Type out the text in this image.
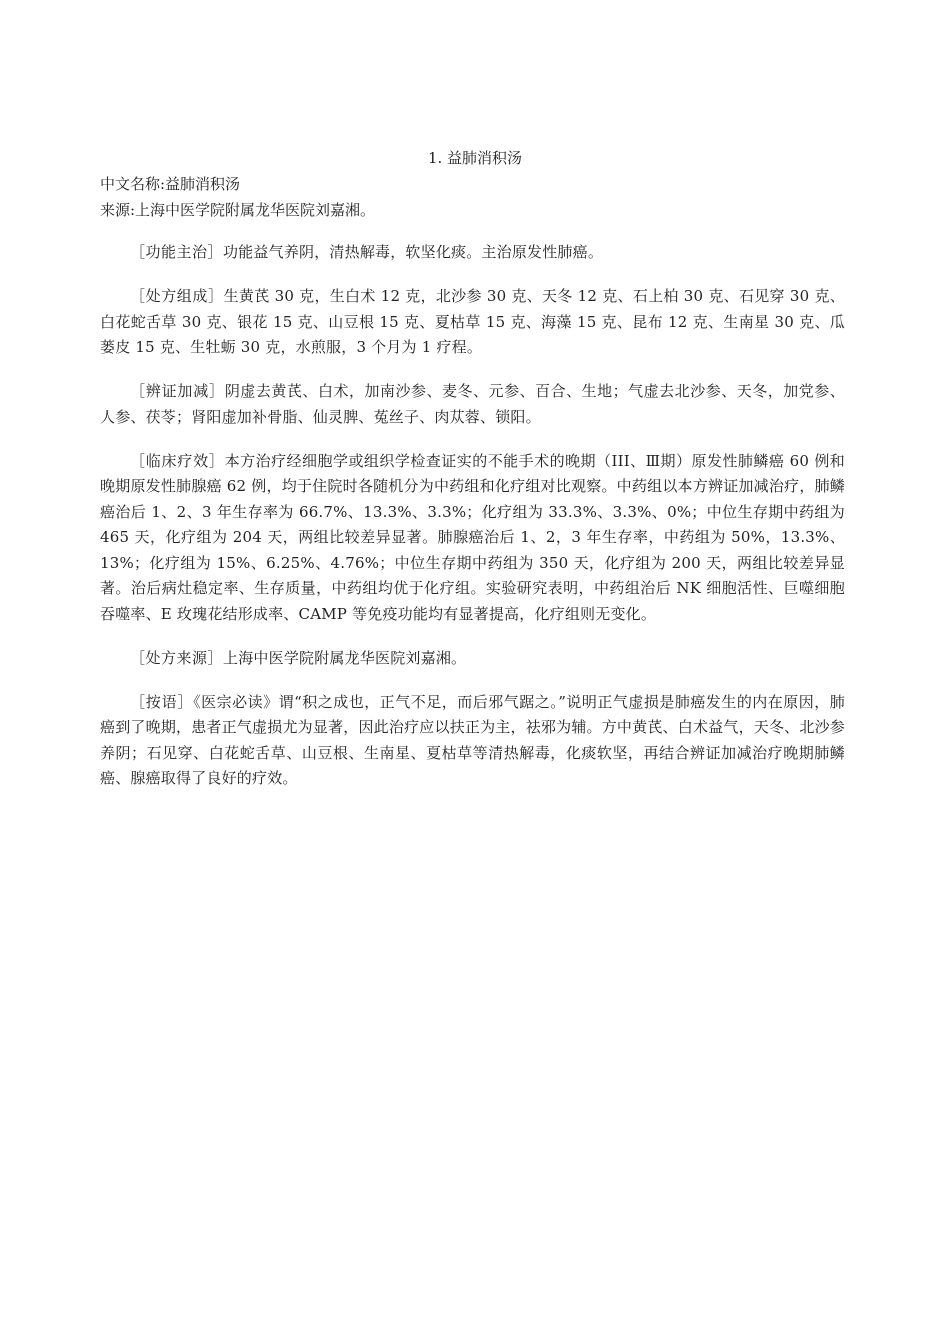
1. 益肺消积汤
中文名称:益肺消积汤
来源:上海中医学院附属龙华医院刘嘉湘。

［功能主治］功能益气养阴，清热解毒，软坚化痰。主治原发性肺癌。

［处方组成］生黄芪 30 克，生白术 12 克，北沙参 30 克、天冬 12 克、石上柏 30 克、石见穿 30 克、白花蛇舌草 30 克、银花 15 克、山豆根 15 克、夏枯草 15 克、海藻 15 克、昆布 12 克、生南星 30 克、瓜蒌皮 15 克、生牡蛎 30 克，水煎服，3 个月为 1 疗程。

［辨证加减］阴虚去黄芪、白术，加南沙参、麦冬、元参、百合、生地；气虚去北沙参、天冬，加党参、人参、茯苓；肾阳虚加补骨脂、仙灵脾、菟丝子、肉苁蓉、锁阳。

［临床疗效］本方治疗经细胞学或组织学检查证实的不能手术的晚期（III、Ⅲ期）原发性肺鳞癌 60 例和晚期原发性肺腺癌 62 例，均于住院时各随机分为中药组和化疗组对比观察。中药组以本方辨证加减治疗，肺鳞癌治后 1、2、3 年生存率为 66.7%、13.3%、3.3%；化疗组为 33.3%、3.3%、0%；中位生存期中药组为 465 天，化疗组为 204 天，两组比较差异显著。肺腺癌治后 1、2，3 年生存率，中药组为 50%，13.3%、13%；化疗组为 15%、6.25%、4.76%；中位生存期中药组为 350 天，化疗组为 200 天，两组比较差异显著。治后病灶稳定率、生存质量，中药组均优于化疗组。实验研究表明，中药组治后 NK 细胞活性、巨噬细胞吞噬率、E 玫瑰花结形成率、CAMP 等免疫功能均有显著提高，化疗组则无变化。

［处方来源］上海中医学院附属龙华医院刘嘉湘。

［按语］《医宗必读》谓“积之成也，正气不足，而后邪气踞之。”说明正气虚损是肺癌发生的内在原因，肺癌到了晚期，患者正气虚损尤为显著，因此治疗应以扶正为主，祛邪为辅。方中黄芪、白术益气，天冬、北沙参养阴；石见穿、白花蛇舌草、山豆根、生南星、夏枯草等清热解毒，化痰软坚，再结合辨证加减治疗晚期肺鳞癌、腺癌取得了良好的疗效。
